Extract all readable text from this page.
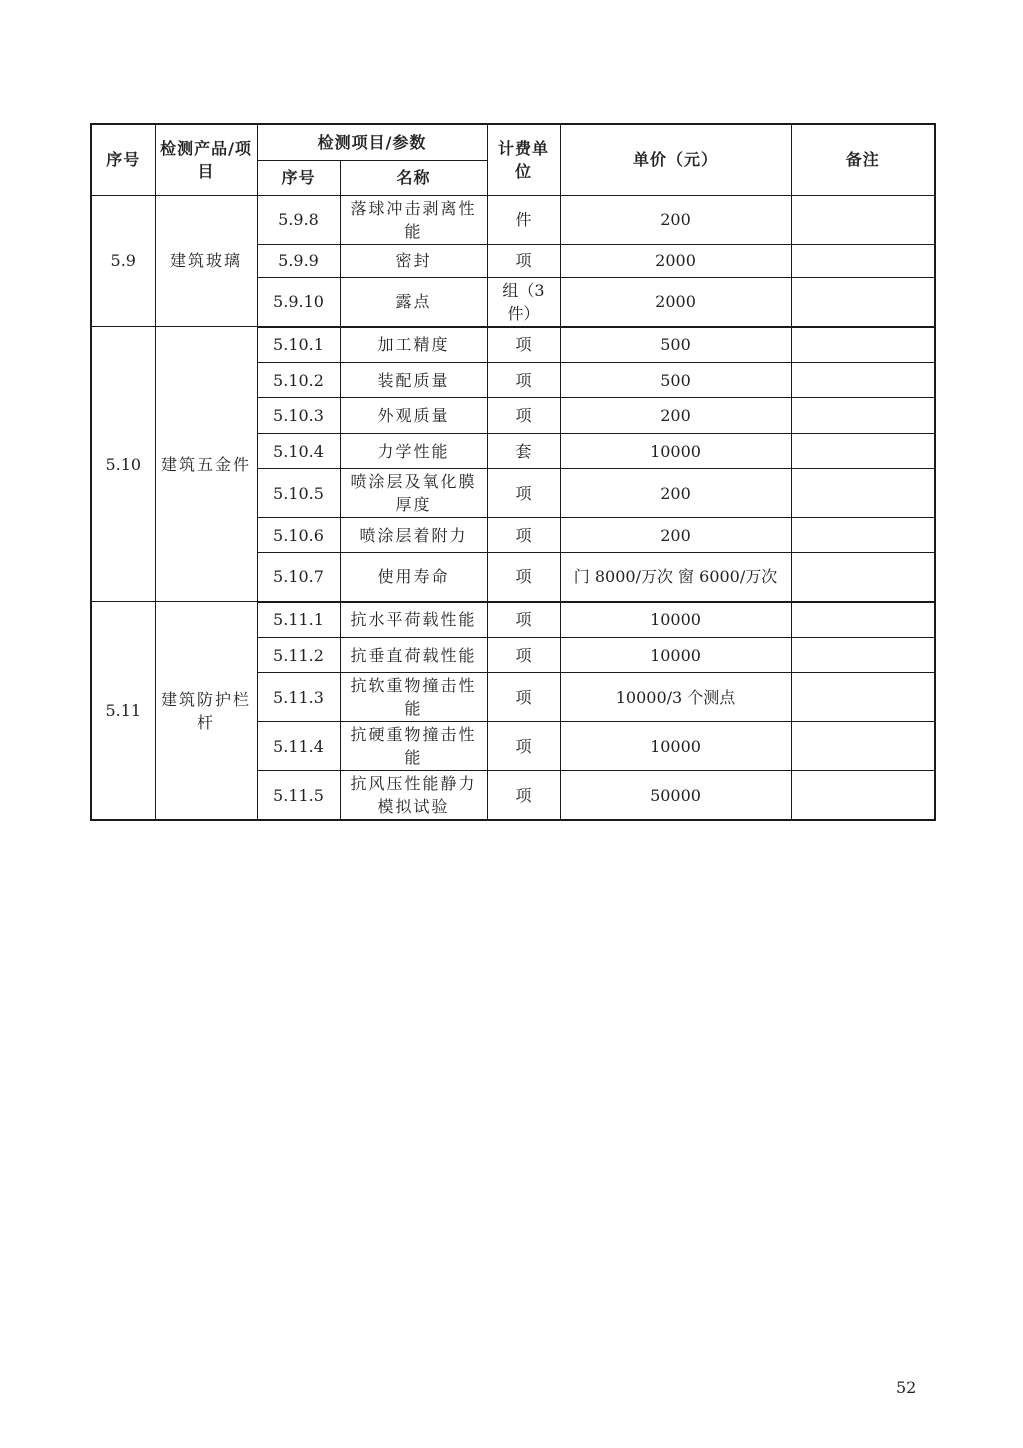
序号	检测产品/项目	检测项目/参数		计费单位	单价（元）	备注
		序号	名称			
5.9	建筑玻璃	5.9.8	落球冲击剥离性能	件	200	
		5.9.9	密封	项	2000	
		5.9.10	露点	组（3件）	2000	
5.10	建筑五金件	5.10.1	加工精度	项	500	
		5.10.2	装配质量	项	500	
		5.10.3	外观质量	项	200	
		5.10.4	力学性能	套	10000	
		5.10.5	喷涂层及氧化膜厚度	项	200	
		5.10.6	喷涂层着附力	项	200	
		5.10.7	使用寿命	项	门 8000/万次 窗 6000/万次	
5.11	建筑防护栏杆	5.11.1	抗水平荷载性能	项	10000	
		5.11.2	抗垂直荷载性能	项	10000	
		5.11.3	抗软重物撞击性能	项	10000/3 个测点	
		5.11.4	抗硬重物撞击性能	项	10000	
		5.11.5	抗风压性能静力模拟试验	项	50000	
52
